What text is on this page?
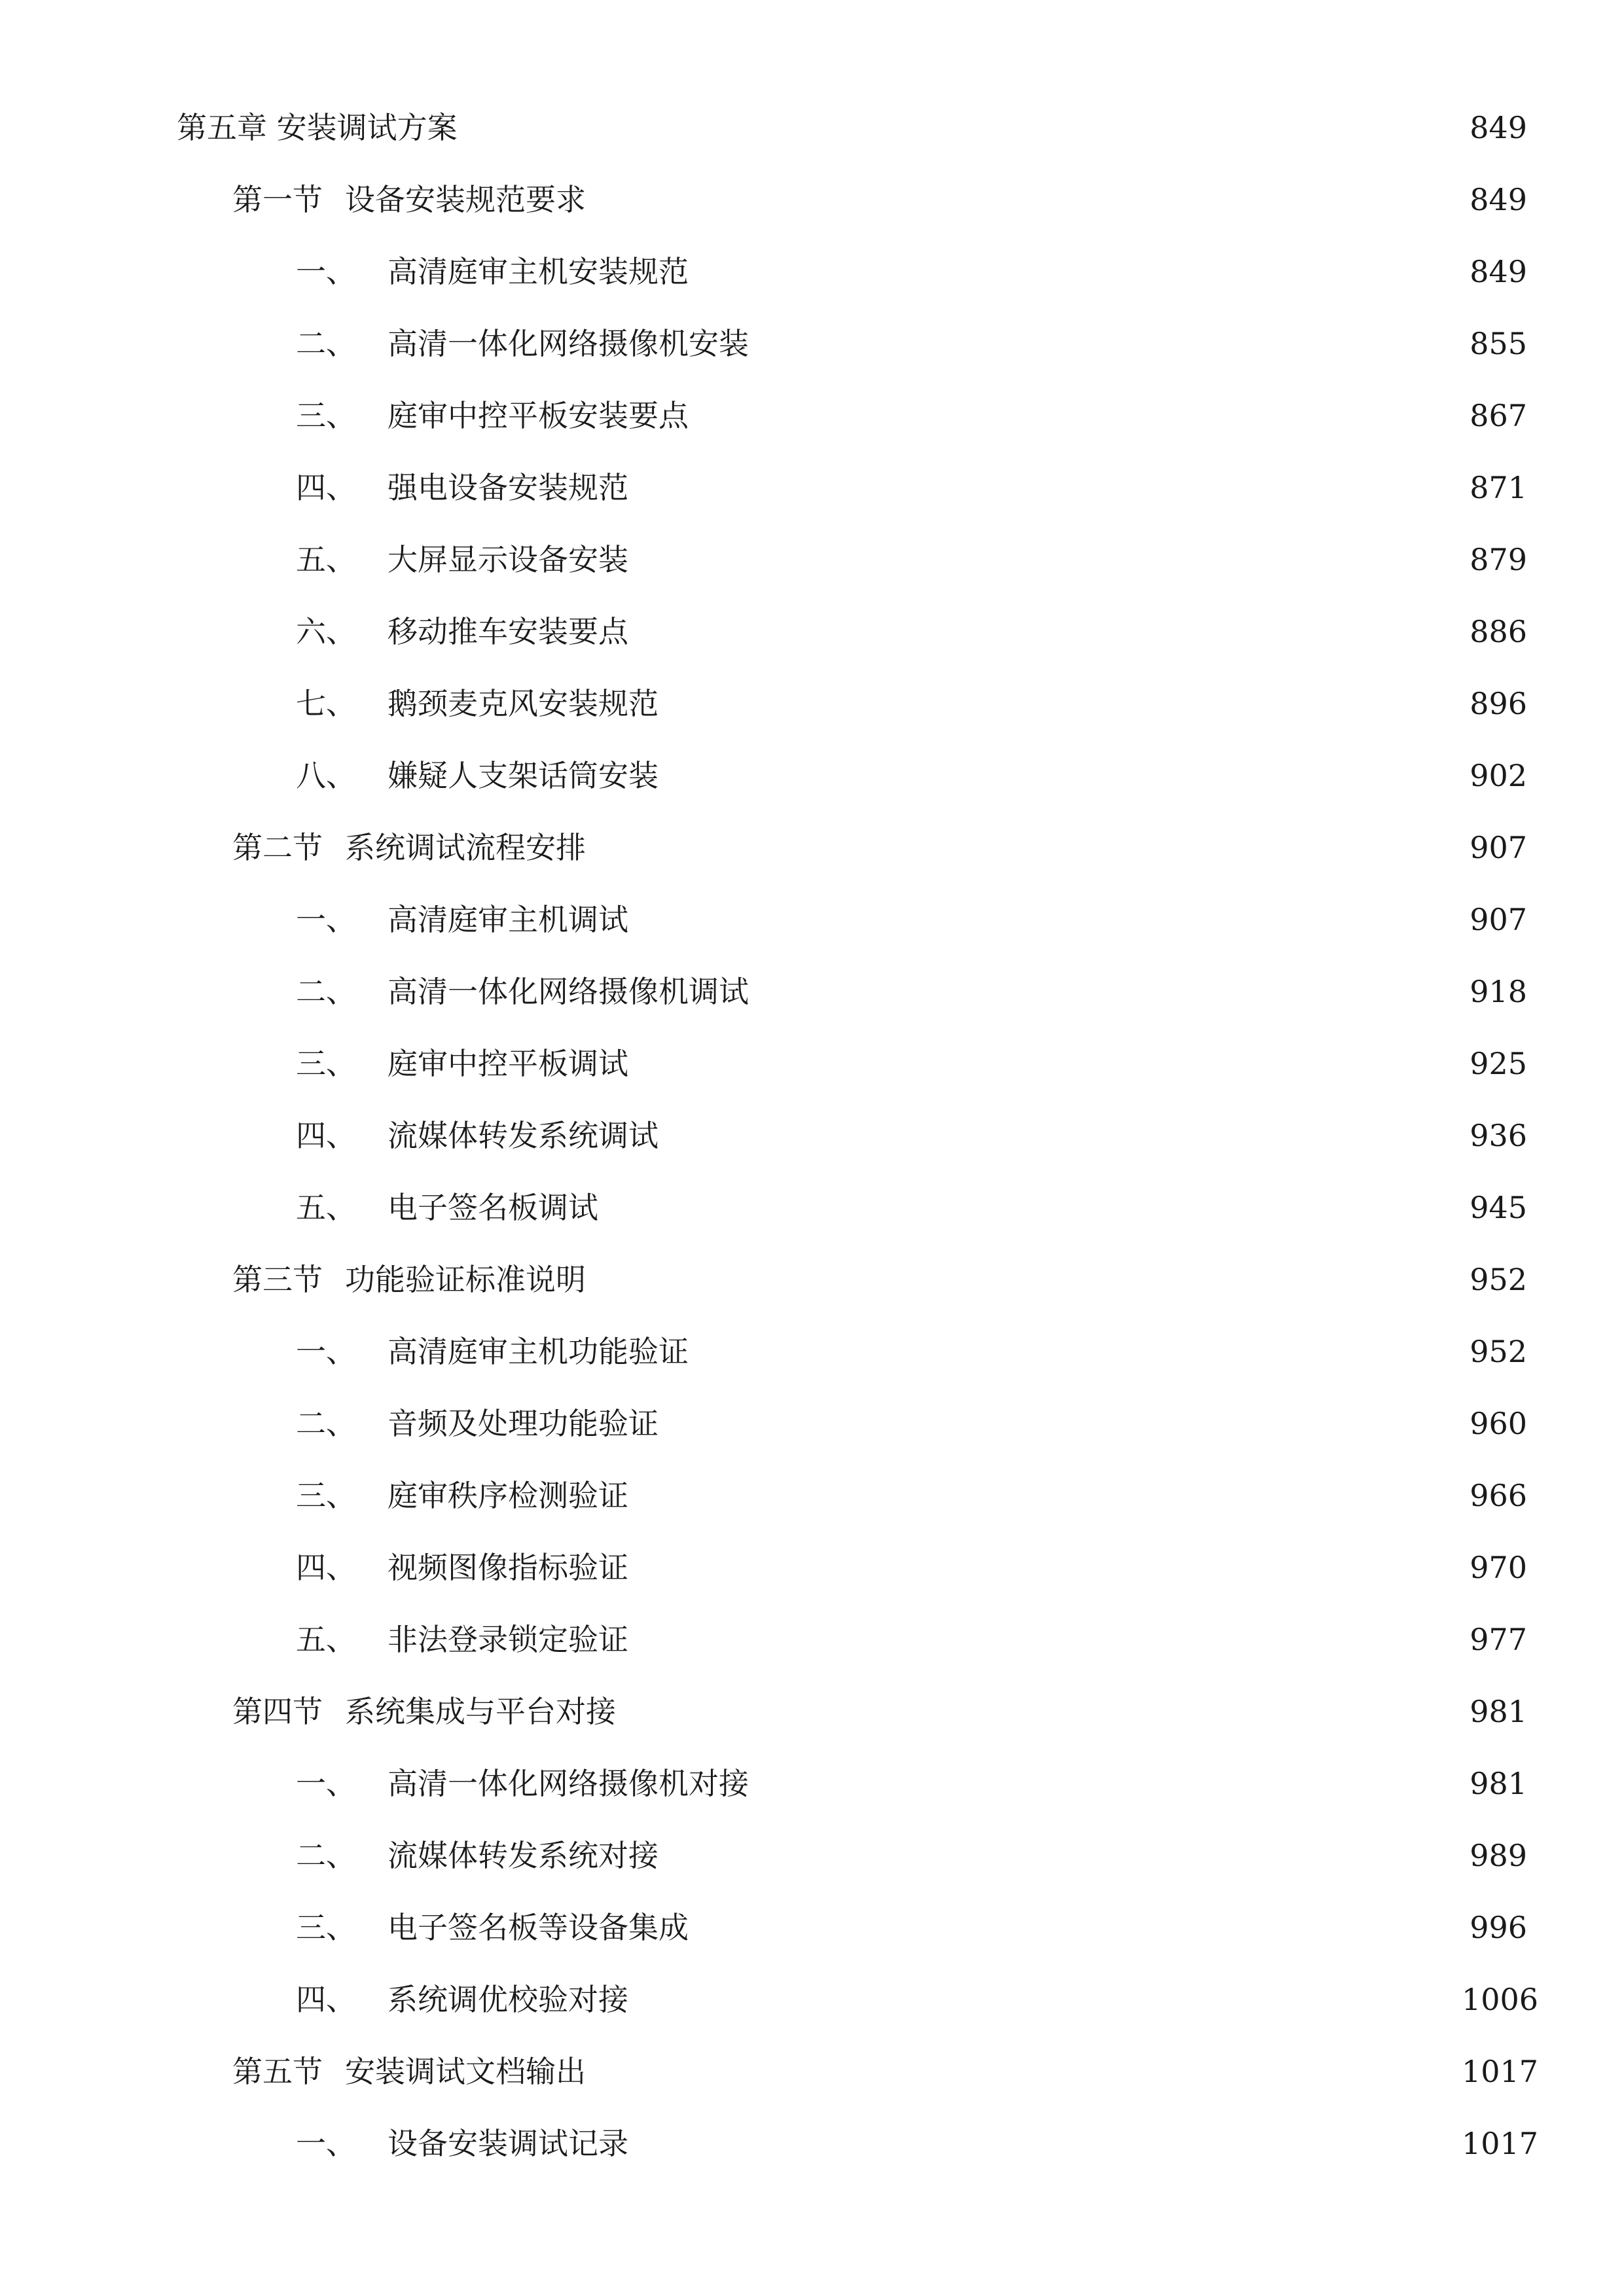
第五章 安装调试方案	849
第一节 设备安装规范要求	849
一、 高清庭审主机安装规范	849
二、 高清一体化网络摄像机安装	855
三、 庭审中控平板安装要点	867
四、 强电设备安装规范	871
五、 大屏显示设备安装	879
六、 移动推车安装要点	886
七、 鹅颈麦克风安装规范	896
八、 嫌疑人支架话筒安装	902
第二节 系统调试流程安排	907
一、 高清庭审主机调试	907
二、 高清一体化网络摄像机调试	918
三、 庭审中控平板调试	925
四、 流媒体转发系统调试	936
五、 电子签名板调试	945
第三节 功能验证标准说明	952
一、 高清庭审主机功能验证	952
二、 音频及处理功能验证	960
三、 庭审秩序检测验证	966
四、 视频图像指标验证	970
五、 非法登录锁定验证	977
第四节 系统集成与平台对接	981
一、 高清一体化网络摄像机对接	981
二、 流媒体转发系统对接	989
三、 电子签名板等设备集成	996
四、 系统调优校验对接	1006
第五节 安装调试文档输出	1017
一、 设备安装调试记录	1017
